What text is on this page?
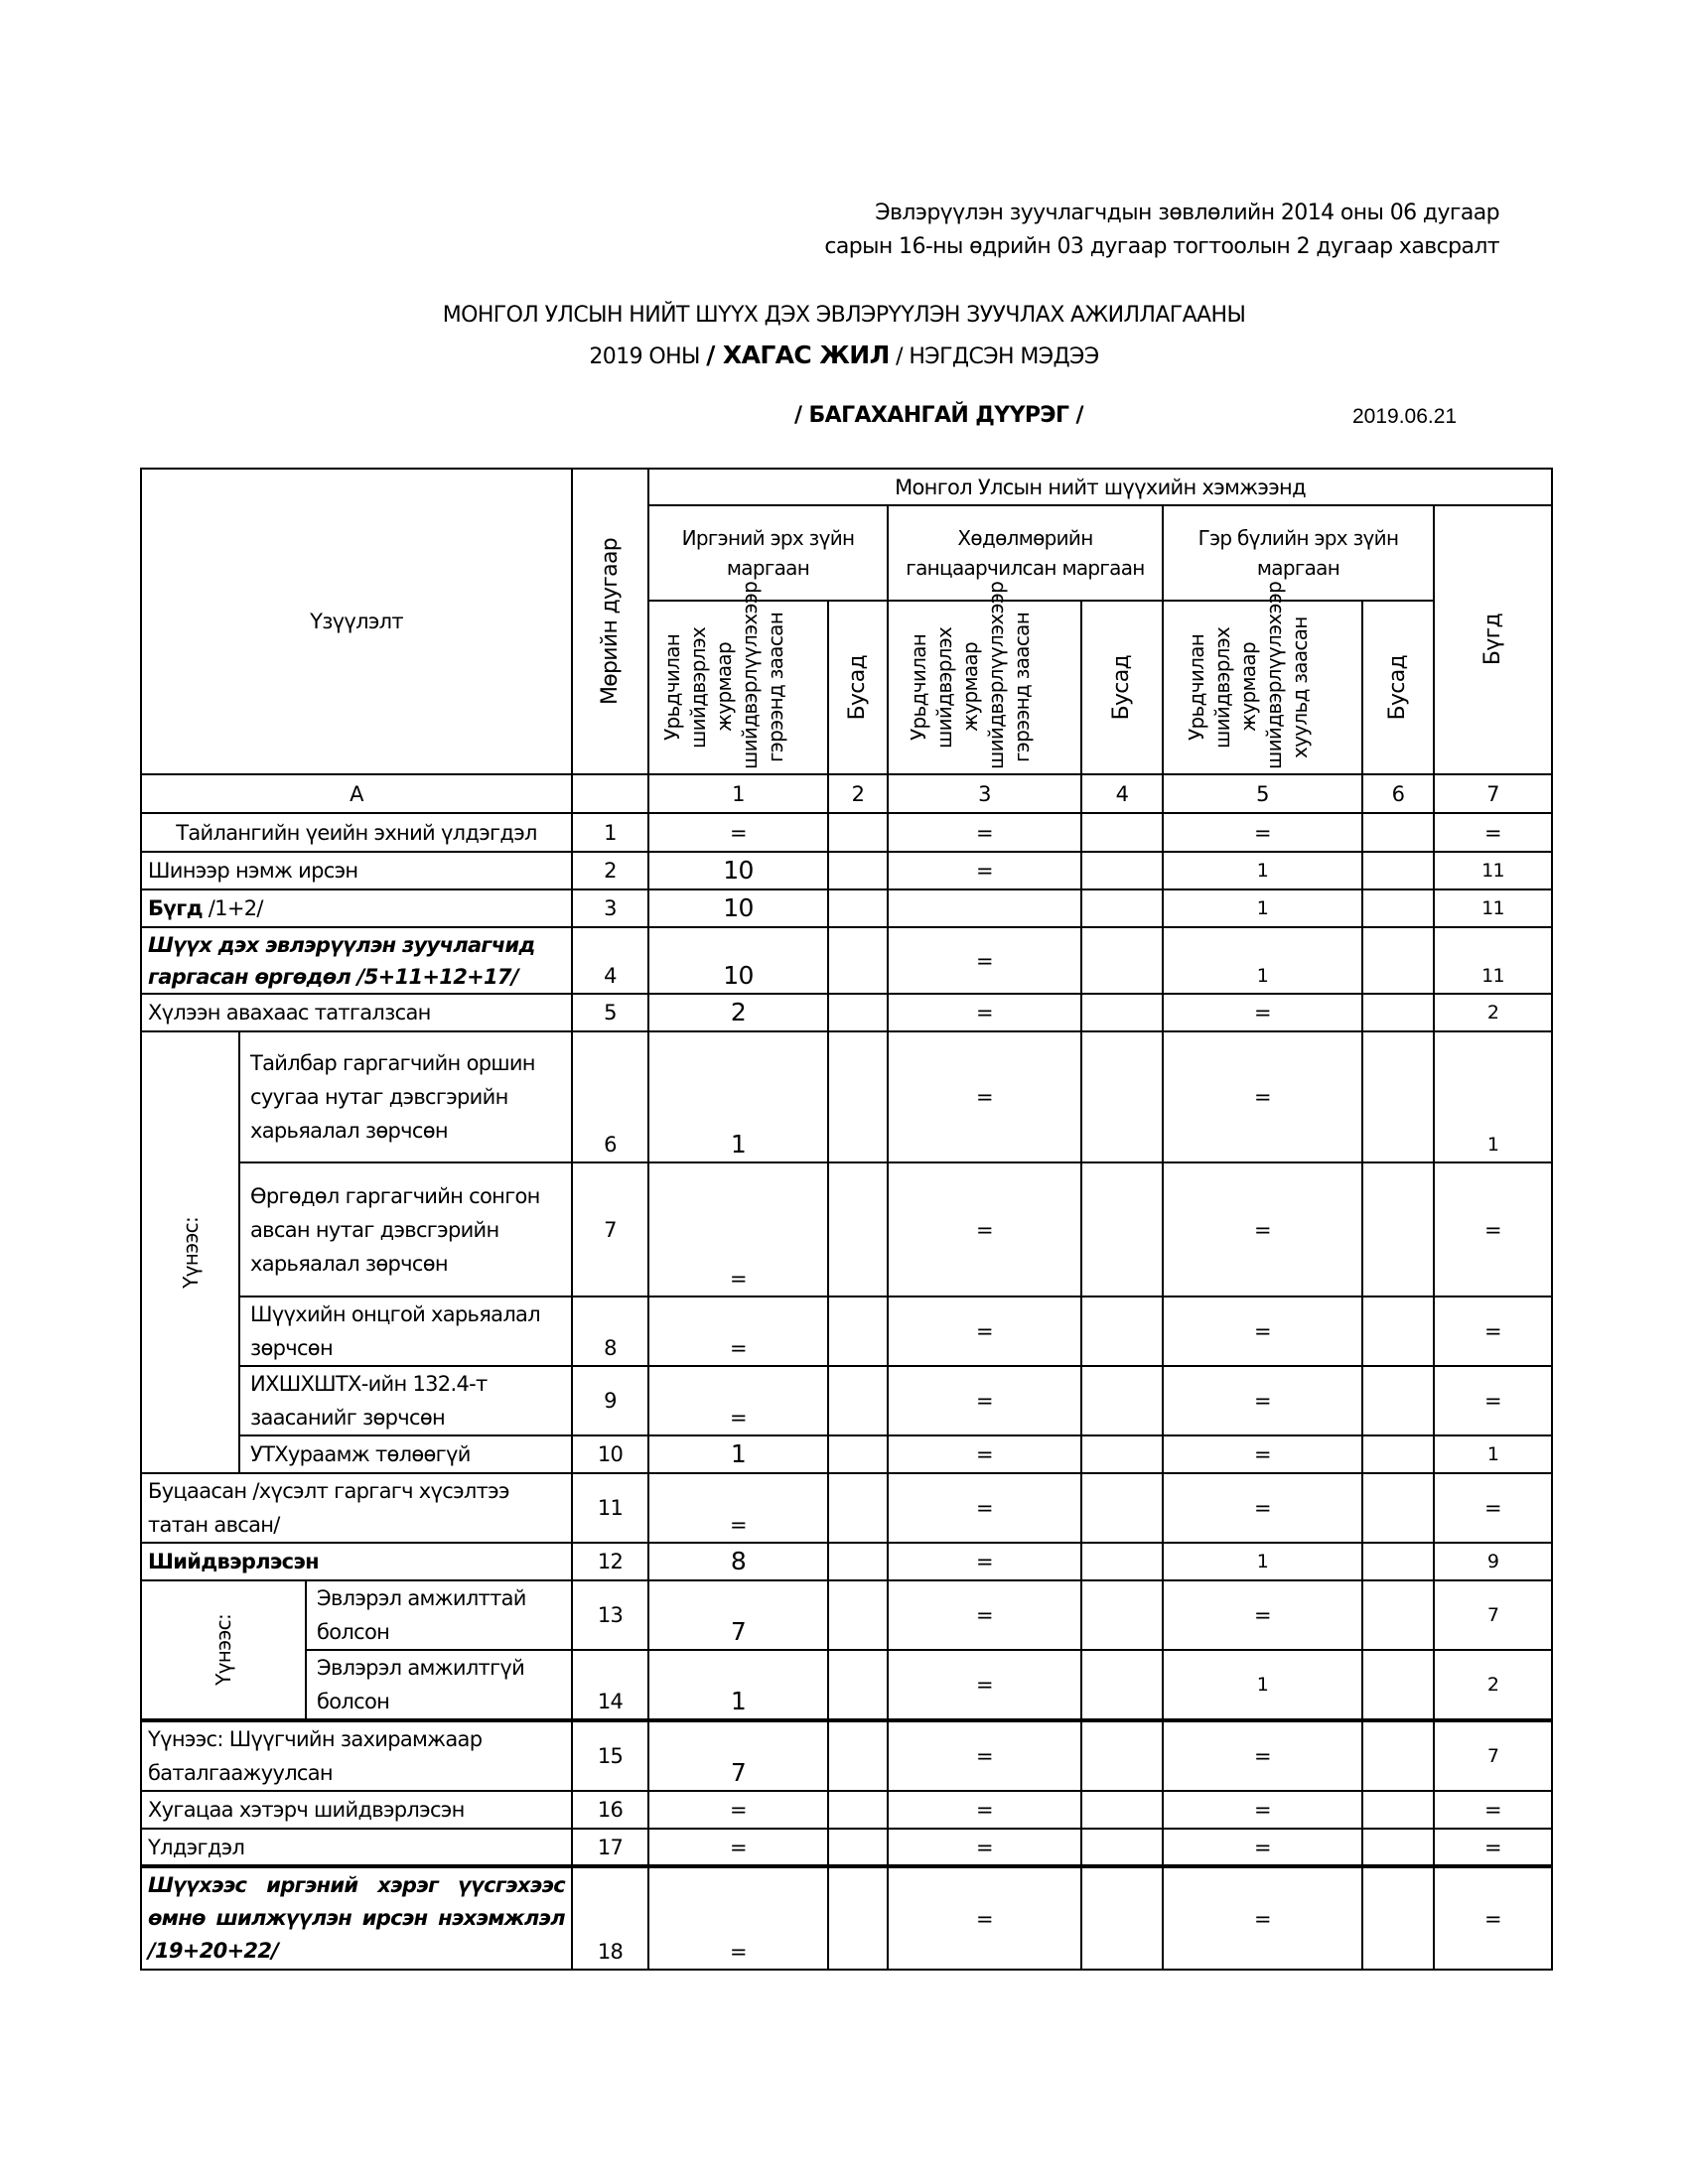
Эвлэрүүлэн зуучлагчдын зөвлөлийн 2014 оны 06 дугаар
сарын 16-ны өдрийн 03 дугаар тогтоолын 2 дугаар хавсралт
МОНГОЛ УЛСЫН НИЙТ ШҮҮХ ДЭХ ЭВЛЭРҮҮЛЭН ЗУУЧЛАХ АЖИЛЛАГААНЫ
2019 ОНЫ / ХАГАС ЖИЛ / НЭГДСЭН МЭДЭЭ
/ БАГАХАНГАЙ ДҮҮРЭГ /	2019.06.21
Үзүүлэлт			Мөрийн дугаар	Монгол Улсын нийт шүүхийн хэмжээнд						
				Иргэний эрх зүйн маргаан		Хөдөлмөрийн ганцаарчилсан маргаан		Гэр бүлийн эрх зүйн маргаан		Бүгд

				Урьдчилан шийдвэрлэх журмаар шийдвэрлүүлэхээр гэрээнд заасан	Бусад	Урьдчилан шийдвэрлэх журмаар шийдвэрлүүлэхээр гэрээнд заасан	Бусад	Урьдчилан шийдвэрлэх журмаар шийдвэрлүүлэхээр хуульд заасан	Бусад	

А				1	2	3	4	5	6	7
Тайлангийн үеийн эхний үлдэгдэл			1	=		=		=		=
Шинээр нэмж ирсэн			2	10		=		1		11
Бүгд /1+2/			3	10				1		11
Шүүх дэх эвлэрүүлэн зуучлагчид гаргасан өргөдөл /5+11+12+17/			4	10		=		1		11
Хүлээн авахаас татгалзсан			5	2		=		=		2

Үүнээс:	Тайлбар гаргагчийн оршин суугаа нутаг дэвсгэрийн харьяалал зөрчсөн		6	1		=		=		1
	Өргөдөл гаргагчийн сонгон авсан нутаг дэвсгэрийн харьяалал зөрчсөн		7	=		=		=		=
	Шүүхийн онцгой харьяалал зөрчсөн		8	=		=		=		=
	ИХШХШТХ-ийн 132.4-т заасанийг зөрчсөн		9	=		=		=		=
	УТХураамж төлөөгүй		10	1		=		=		1
Буцаасан /хүсэлт гаргагч хүсэлтээ татан авсан/			11	=		=		=		=
Шийдвэрлэсэн			12	8		=		1		9

Үүнээс:		Эвлэрэл амжилттай болсон	13	7		=		=		7
		Эвлэрэл амжилтгүй болсон	14	1		=		1		2
Үүнээс: Шүүгчийн захирамжаар баталгаажуулсан			15	7		=		=		7
Хугацаа хэтэрч шийдвэрлэсэн			16	=		=		=		=
Үлдэгдэл			17	=		=		=		=
Шүүхээс иргэний хэрэг үүсгэхээс өмнө шилжүүлэн ирсэн нэхэмжлэл /19+20+22/			18	=		=		=		=
